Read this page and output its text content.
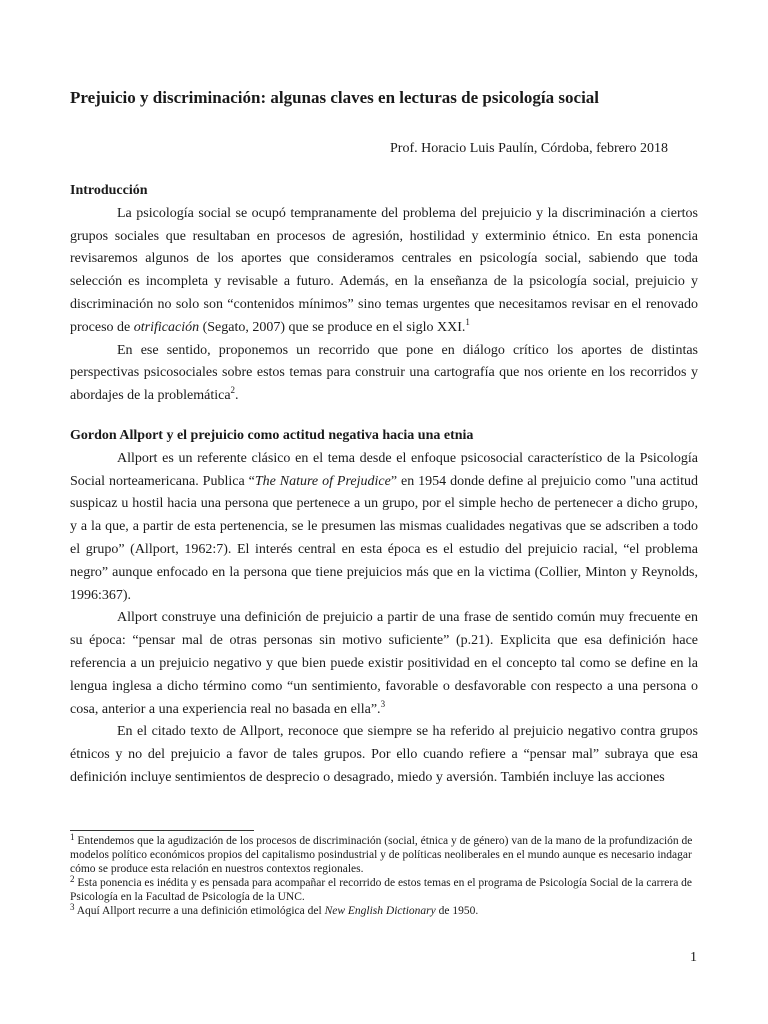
Prejuicio y discriminación: algunas claves en lecturas de psicología social
Prof. Horacio Luis Paulín, Córdoba, febrero 2018
Introducción

La psicología social se ocupó tempranamente del problema del prejuicio y la discriminación a ciertos grupos sociales que resultaban en procesos de agresión, hostilidad y exterminio étnico. En esta ponencia revisaremos algunos de los aportes que consideramos centrales en psicología social, sabiendo que toda selección es incompleta y revisable a futuro. Además, en la enseñanza de la psicología social, prejuicio y discriminación no solo son “contenidos mínimos” sino temas urgentes que necesitamos revisar en el renovado proceso de otrificación (Segato, 2007) que se produce en el siglo XXI.$^1$

En ese sentido, proponemos un recorrido que pone en diálogo crítico los aportes de distintas perspectivas psicosociales sobre estos temas para construir una cartografía que nos oriente en los recorridos y abordajes de la problemática$^2$.

Gordon Allport y el prejuicio como actitud negativa hacia una etnia

Allport es un referente clásico en el tema desde el enfoque psicosocial característico de la Psicología Social norteamericana. Publica “The Nature of Prejudice” en 1954 donde define al prejuicio como "una actitud suspicaz u hostil hacia una persona que pertenece a un grupo, por el simple hecho de pertenecer a dicho grupo, y a la que, a partir de esta pertenencia, se le presumen las mismas cualidades negativas que se adscriben a todo el grupo” (Allport, 1962:7). El interés central en esta época es el estudio del prejuicio racial, “el problema negro” aunque enfocado en la persona que tiene prejuicios más que en la victima (Collier, Minton y Reynolds, 1996:367).

Allport construye una definición de prejuicio a partir de una frase de sentido común muy frecuente en su época: “pensar mal de otras personas sin motivo suficiente” (p.21). Explicita que esa definición hace referencia a un prejuicio negativo y que bien puede existir positividad en el concepto tal como se define en la lengua inglesa a dicho término como “un sentimiento, favorable o desfavorable con respecto a una persona o cosa, anterior a una experiencia real no basada en ella”.$^3$

En el citado texto de Allport, reconoce que siempre se ha referido al prejuicio negativo contra grupos étnicos y no del prejuicio a favor de tales grupos. Por ello cuando refiere a “pensar mal” subraya que esa definición incluye sentimientos de desprecio o desagrado, miedo y aversión. También incluye las acciones

$^1$ Entendemos que la agudización de los procesos de discriminación (social, étnica y de género) van de la mano de la profundización de modelos político económicos propios del capitalismo posindustrial y de políticas neoliberales en el mundo aunque es necesario indagar cómo se produce esta relación en nuestros contextos regionales.

$^2$ Esta ponencia es inédita y es pensada para acompañar el recorrido de estos temas en el programa de Psicología Social de la carrera de Psicología en la Facultad de Psicología de la UNC.

$^3$ Aquí Allport recurre a una definición etimológica del New English Dictionary de 1950.

1
